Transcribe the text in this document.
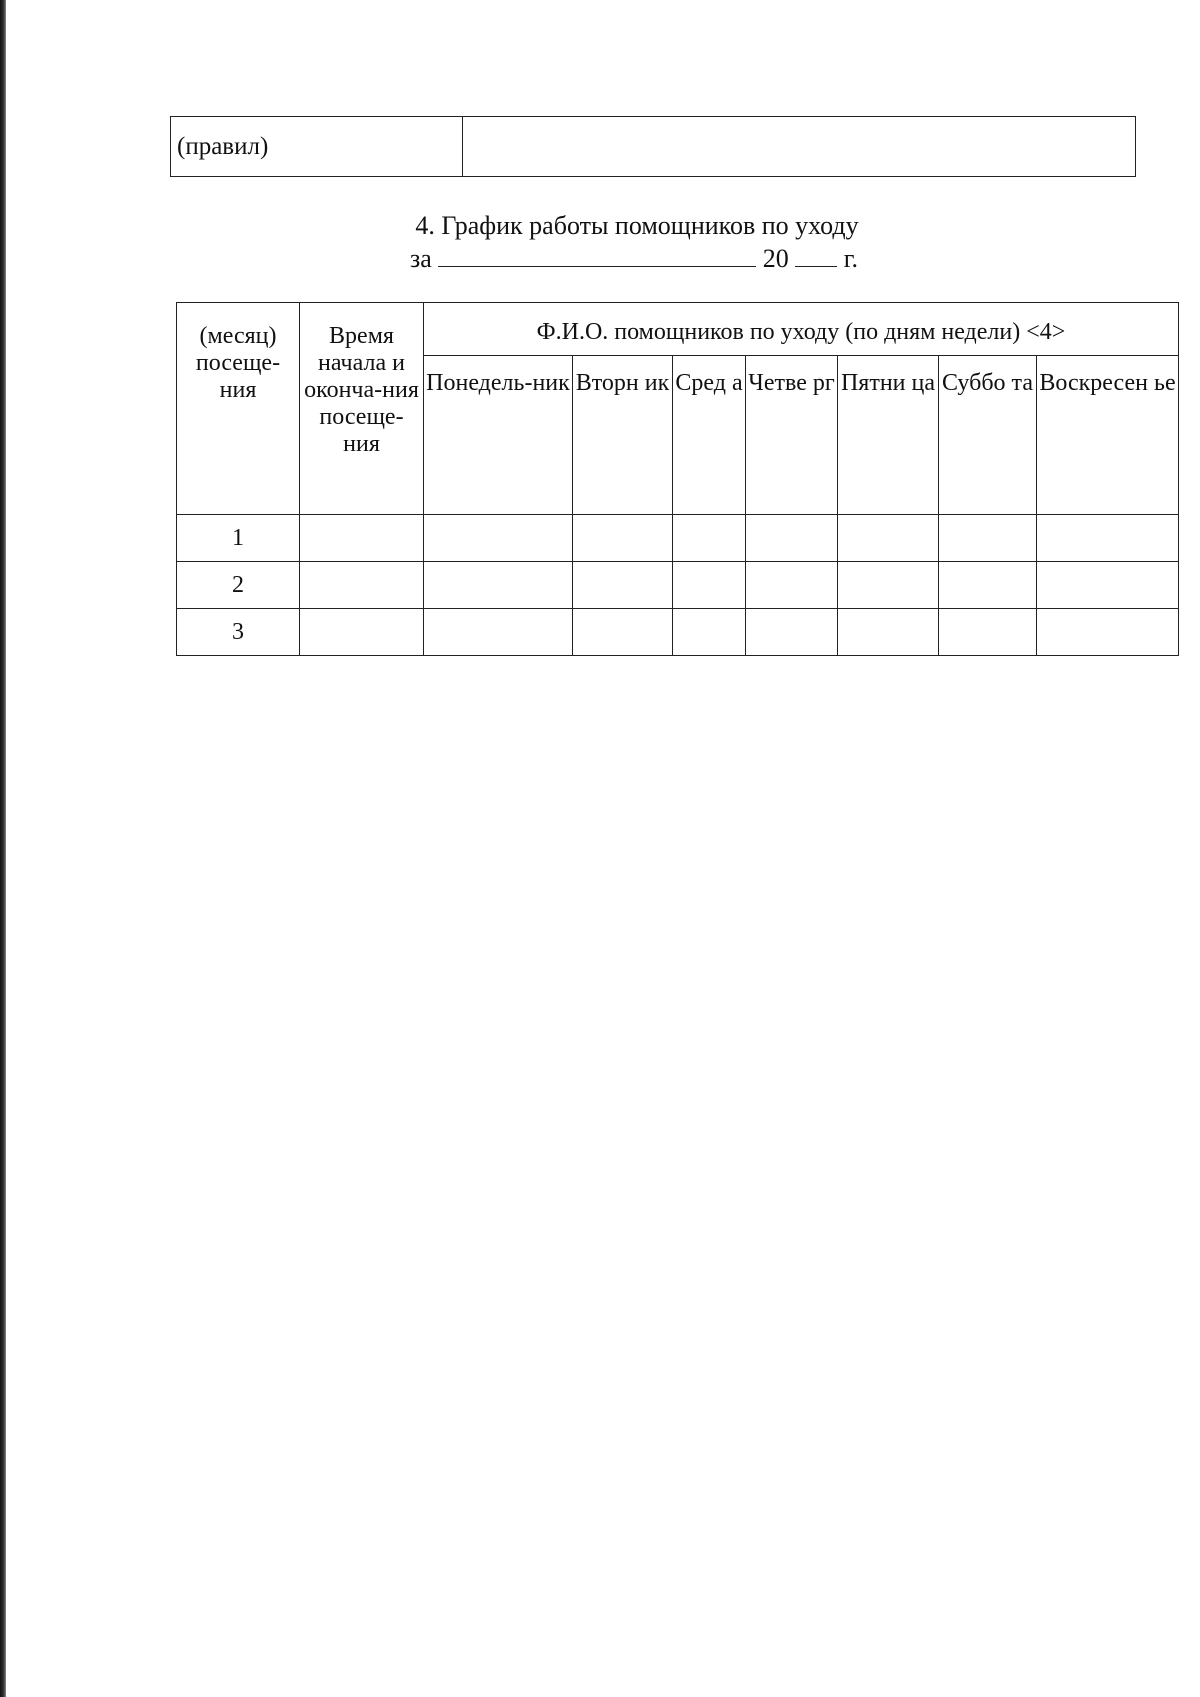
(правил)	
4. График работы помощников по уходу
за	20 г.
(месяц) посеще-ния	Время начала и оконча-ния посеще-ния	Ф.И.О. помощников по уходу (по дням недели) <4>						
		Понедель-ник	Вторн ик	Сред а	Четве рг	Пятни ца	Суббо та	Воскресен ье
1								
2								
3								
